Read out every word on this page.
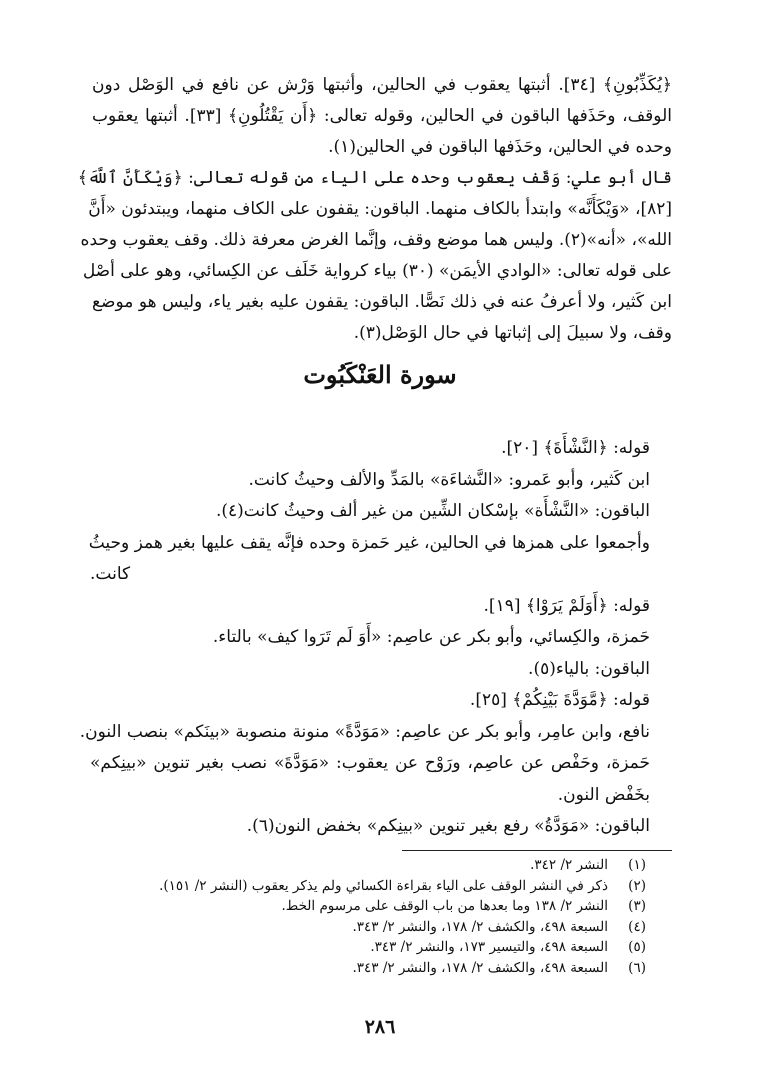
﴿يُكَذِّبُونِ﴾ [٣٤]. أثبتها يعقوب في الحالين، وأثبتها وَرْش عن نافع في الوَصْل دون
الوقف، وحَذَفها الباقون في الحالين، وقوله تعالى: ﴿أَن يَقْتُلُونِ﴾ [٣٣]. أثبتها يعقوب
وحده في الحالين، وحَذَفها الباقون في الحالين(١).
قال أبو علي: وَقَف يعقوب وحده على الياء من قوله تعالى: ﴿وَيْكَأَنَّ ٱللَّهَ﴾
[٨٢]، «وَيْكَأَنَّه» وابتدأ بالكاف منهما. الباقون: يقفون على الكاف منهما، ويبتدئون «أَنَّ
الله»، «أنه»(٢). وليس هما موضع وقف، وإنَّما الغرض معرفة ذلك. وقف يعقوب وحده
على قوله تعالى: «الوادي الأيمَن» (٣٠) بياء كرواية خَلَف عن الكِسائي، وهو على أصْل
ابن كَثير، ولا أعرفُ عنه في ذلك نَصًّا. الباقون: يقفون عليه بغير ياء، وليس هو موضع
وقف، ولا سبيلَ إلى إثباتها في حال الوَصْل(٣).
سورة العَنْكَبُوت
قوله: ﴿النَّشْأَةَ﴾ [٢٠].
ابن كَثير، وأبو عَمرو: «النَّشاءَة» بالمَدِّ والألف وحيثُ كانت.
الباقون: «النَّشْأَة» بإسْكان الشِّين من غير ألف وحيثُ كانت(٤).
وأجمعوا على همزها في الحالين، غير حَمزة وحده فإنَّه يقف عليها بغير همز وحيثُ
كانت.
قوله: ﴿أَوَلَمْ يَرَوْا﴾ [١٩].
حَمزة، والكِسائي، وأبو بكر عن عاصِم: «أَوَ لَم تَرَوا كيف» بالتاء.
الباقون: بالياء(٥).
قوله: ﴿مَّوَدَّةَ بَيْنِكُمْ﴾ [٢٥].
نافع، وابن عامِر، وأبو بكر عن عاصِم: «مَوَدَّةً» منونة منصوبة «بينَكم» بنصب النون.
حَمزة، وحَفْص عن عاصِم، ورَوْح عن يعقوب: «مَوَدَّةَ» نصب بغير تنوين «بينِكم»
بخَفْض النون.
الباقون: «مَوَدَّةُ» رفع بغير تنوين «بينِكم» بخفض النون(٦).
(١)
النشر ٢/ ٣٤٢.
(٢)
ذكر في النشر الوقف على الياء بقراءة الكسائي ولم يذكر يعقوب (النشر ٢/ ١٥١).
(٣)
النشر ٢/ ١٣٨ وما بعدها من باب الوقف على مرسوم الخط.
(٤)
السبعة ٤٩٨، والكشف ٢/ ١٧٨، والنشر ٢/ ٣٤٣.
(٥)
السبعة ٤٩٨، والتيسير ١٧٣، والنشر ٢/ ٣٤٣.
(٦)
السبعة ٤٩٨، والكشف ٢/ ١٧٨، والنشر ٢/ ٣٤٣.
٢٨٦
